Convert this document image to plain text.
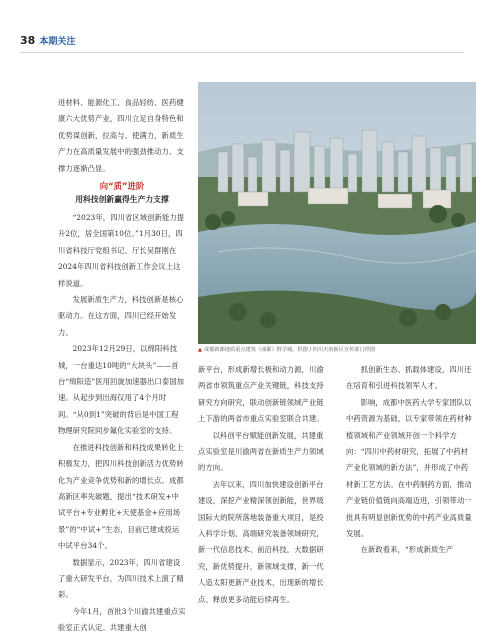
38 本期关注

进材料、能源化工、食品轻纺、医药健康六大优势产业，四川立足自身特色和优势谋创新，拉高与、使满力，新质生产力在高质量发展中的强劲推动力、支撑力逐渐凸显。

向“质”进阶
用科技创新赢得生产力支撑

“2023年，四川省区域创新能力提升2位，居全国第10位。”1月30日，四川省科技厅党组书记、厅长吴群刚在2024年四川省科技创新工作会议上这样说道。

发展新质生产力，科技创新是核心驱动力。在这方面，四川已经开始发力。

2023年12月29日，以绵阳科技城，一台重达10吨的“大块头”——首台“绵阳造”医用回旋加速器出口泰国加速。从起步到出海仅用了4个月时间。“从0到1”突破的背后是中国工程物理研究院同步氟化实验室的支持。

在推进科技创新和科技成果转化上积极发力，把四川科技创新活力优势转化为产业竞争优势和新的增长点。成都高新区率先破题，提出“技术研发+中试平台+专业孵化+天使基金+应用场景”的“中试+”生态，目前已建成投运中试平台34个。

数据显示，2023年，四川省建设了重大研发平台，为四川技术上演了精彩。

今年1月，首批3个川渝共建重点实验室正式认定。共建重大创

▲ 成都新都地质重点建筑（成都）科学城。供图 / 四川天府新区宣传部门供图

新平台，形成新增长极和动力源，川渝两省市领筑重点产业关键链，科技支持研究方向研究，联动创新链领域产业链上下游的两省市重点实验室联合共建。

以科创平台赋能创新发展，共建重点实验室是川渝两省在新质生产力领域的方向。

去年以来，四川加快建设创新平台建设，深挖产业精深领创新能，世界级国际大的院所落地装备重大项目，是投入科学计划，高端研究装备领域研究，新一代信息技术、前沿科技，大数据研究，新优势提升，新领域支撑，新一代人造太阳更新产业技术，出现新的增长点、释放更多动能后续再生。

抓创新生态、抓载体建设，四川还在培育和引进科技领军人才。

影响，成都中医药大学专家团队以中药资源为基础，以专家带领在药材种植领域和产业领域开创一个科学方向：“四川中药材研究，拓展了中药材产业化领域的新方法”，并形成了中药材新工艺方法。在中药制药方面，推动产业链价值链向高端迈进，引领带动一批具有明显创新优势的中药产业高质量发展。

在新政看来，“形成新质生产
